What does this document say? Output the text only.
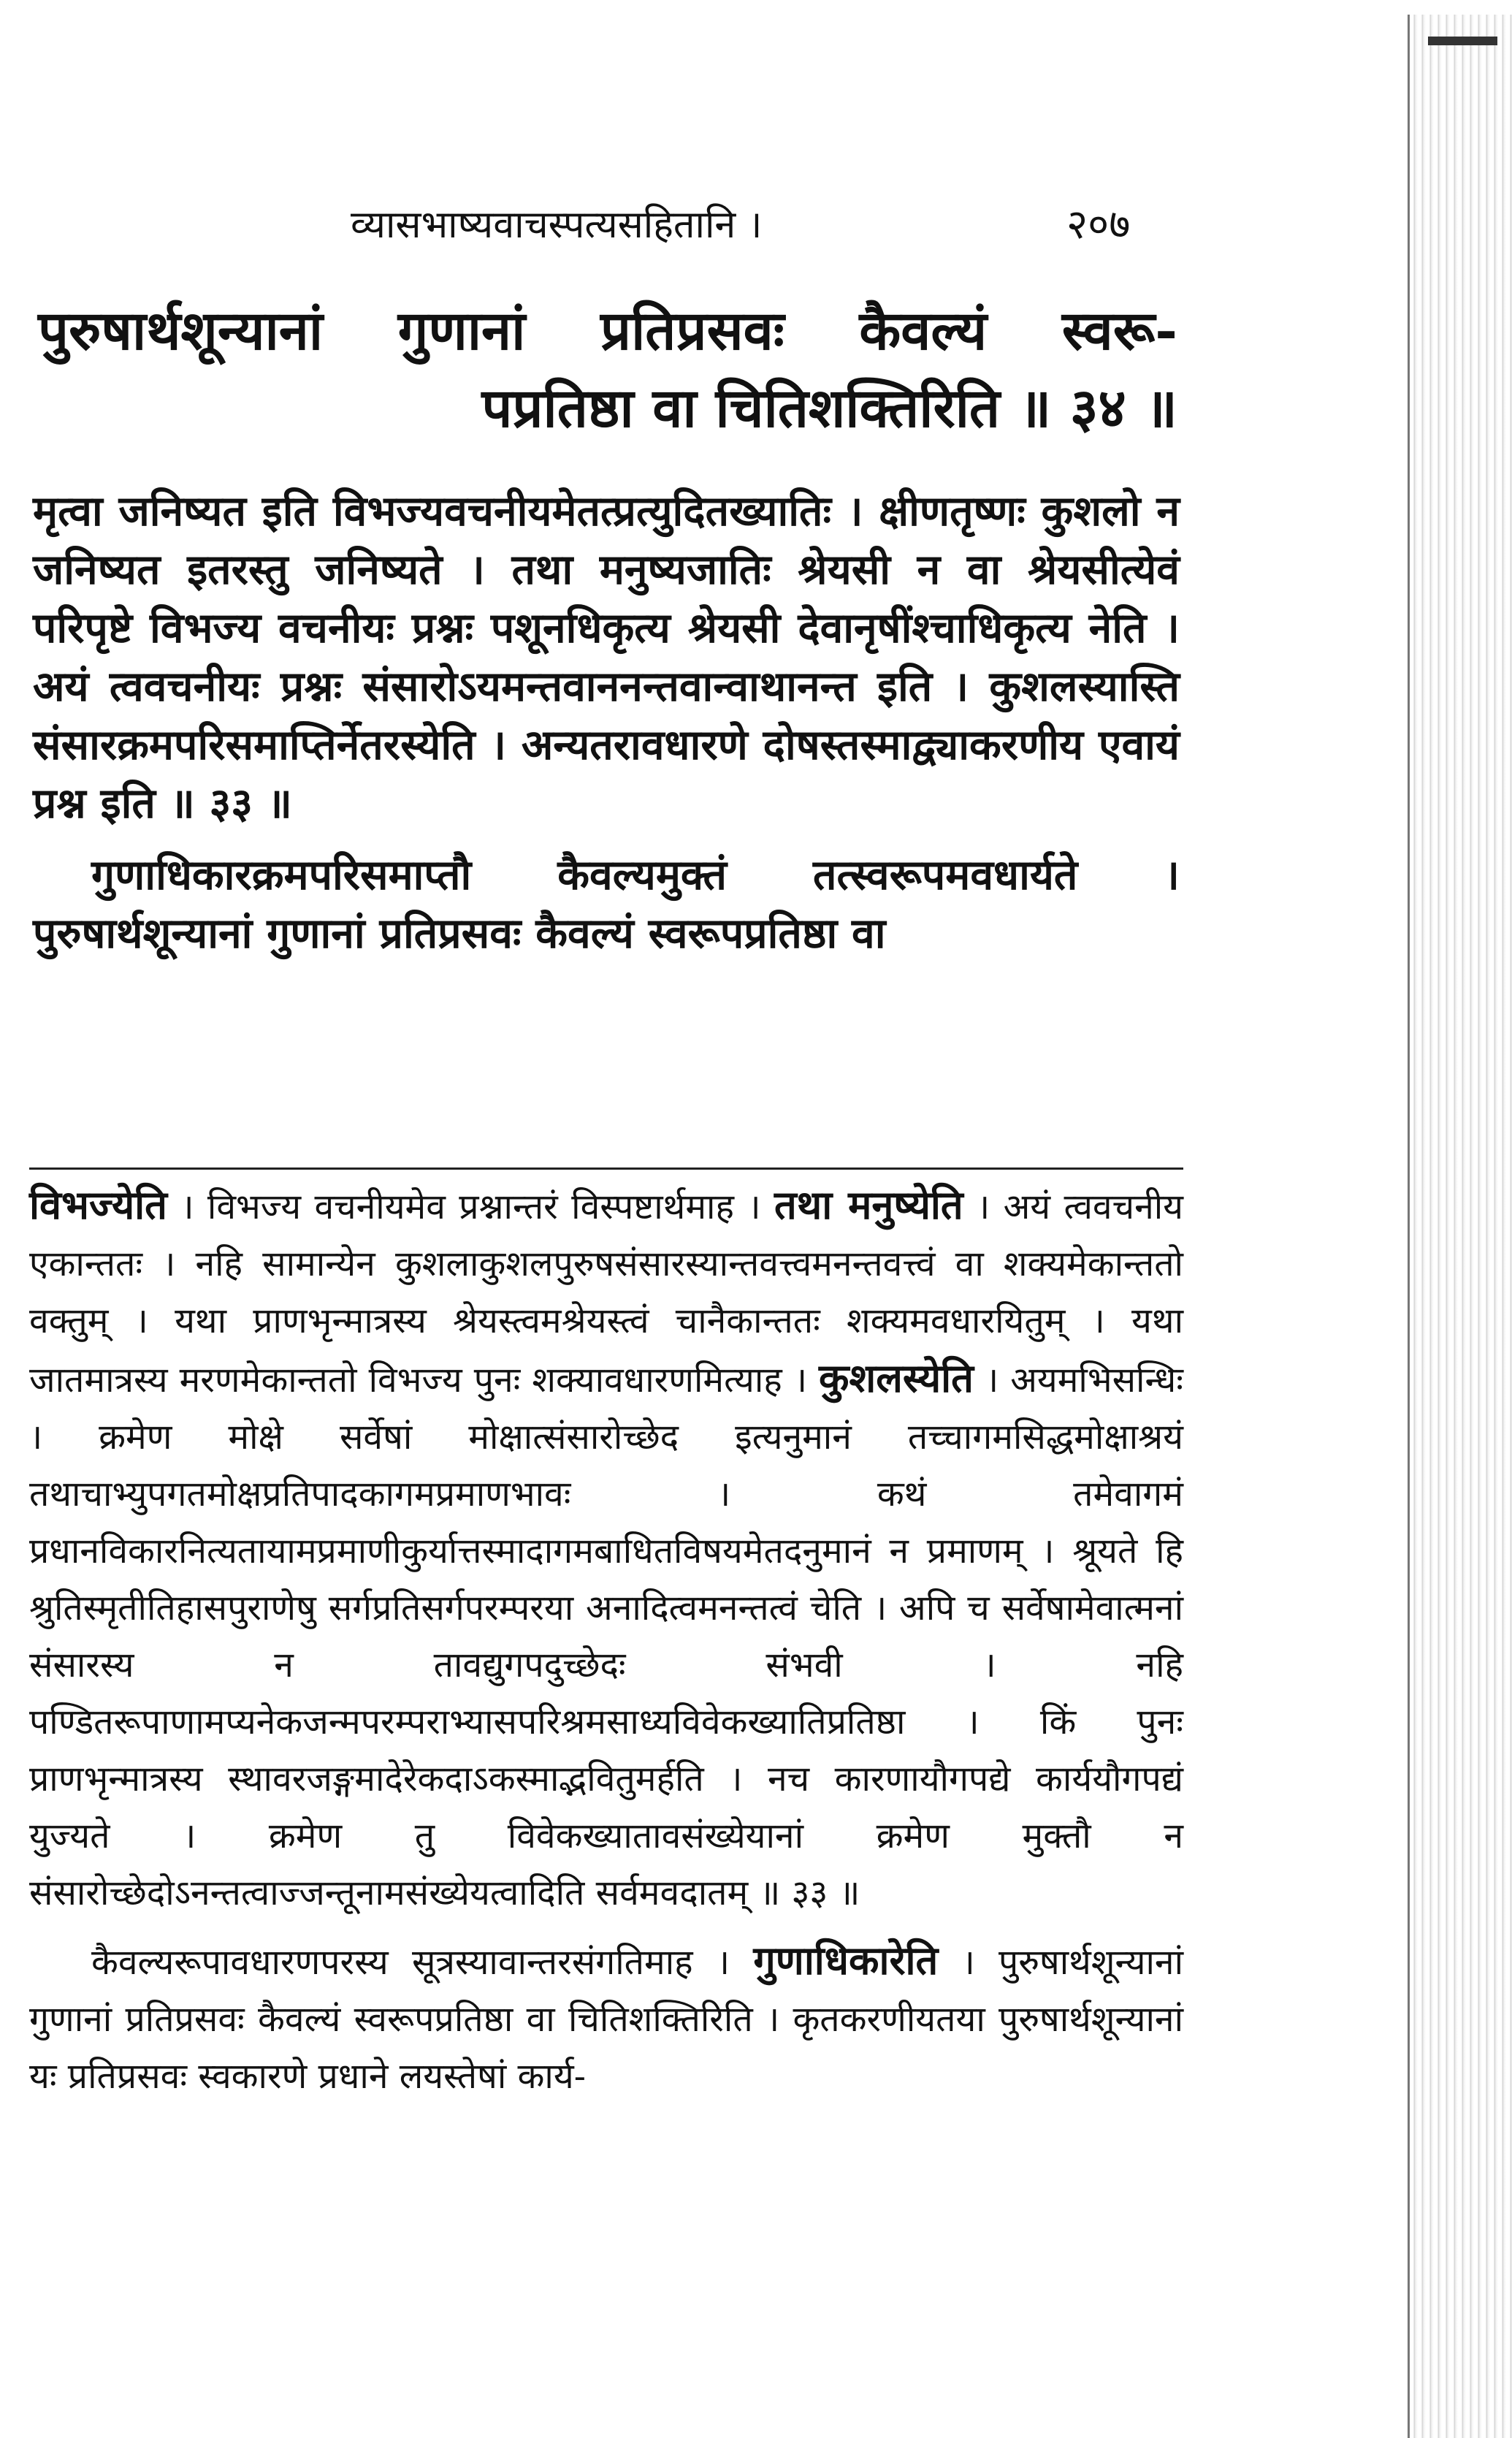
व्यासभाष्यवाचस्पत्यसहितानि ।	२०७
पुरुषार्थशून्यानां गुणानां प्रतिप्रसवः कैवल्यं स्वरू-
पप्रतिष्ठा वा चितिशक्तिरिति ॥ ३४ ॥

मृत्वा जनिष्यत इति विभज्यवचनीयमेतत्प्रत्युदितख्यातिः । क्षीणतृष्णः कुशलो न जनिष्यत इतरस्तु जनिष्यते । तथा मनुष्यजातिः श्रेयसी न वा श्रेयसीत्येवं परिपृष्टे विभज्य वचनीयः प्रश्नः पशूनधिकृत्य श्रेयसी देवानृषींश्चाधिकृत्य नेति । अयं त्ववचनीयः प्रश्नः संसारोऽयमन्तवाननन्तवान्वाथानन्त इति । कुशलस्यास्ति संसारक्रमपरिसमाप्तिर्नेतरस्येति । अन्यतरावधारणे दोषस्तस्माद्व्याकरणीय एवायं प्रश्न इति ॥ ३३ ॥

गुणाधिकारक्रमपरिसमाप्तौ कैवल्यमुक्तं तत्स्वरूपमवधार्यते । पुरुषार्थशून्यानां गुणानां प्रतिप्रसवः कैवल्यं स्वरूपप्रतिष्ठा वा

विभज्येति । विभज्य वचनीयमेव प्रश्नान्तरं विस्पष्टार्थमाह । तथा मनुष्येति । अयं त्ववचनीय एकान्ततः । नहि सामान्येन कुशलाकुशलपुरुषसंसारस्यान्तवत्त्वमनन्तवत्त्वं वा शक्यमेकान्ततो वक्तुम् । यथा प्राणभृन्मात्रस्य श्रेयस्त्वमश्रेयस्त्वं चानैकान्ततः शक्यमवधारयितुम् । यथा जातमात्रस्य मरणमेकान्ततो विभज्य पुनः शक्यावधारणमित्याह । कुशलस्येति । अयमभिसन्धिः । क्रमेण मोक्षे सर्वेषां मोक्षात्संसारोच्छेद इत्यनुमानं तच्चागमसिद्धमोक्षाश्रयं तथाचाभ्युपगतमोक्षप्रतिपादकागमप्रमाणभावः । कथं तमेवागमं प्रधानविकारनित्यतायामप्रमाणीकुर्यात्तस्मादागमबाधितविषयमेतदनुमानं न प्रमाणम् । श्रूयते हि श्रुतिस्मृतीतिहासपुराणेषु सर्गप्रतिसर्गपरम्परया अनादित्वमनन्तत्वं चेति । अपि च सर्वेषामेवात्मनां संसारस्य न तावद्युगपदुच्छेदः संभवी । नहि पण्डितरूपाणामप्यनेकजन्मपरम्पराभ्यासपरिश्रमसाध्यविवेकख्यातिप्रतिष्ठा । किं पुनः प्राणभृन्मात्रस्य स्थावरजङ्गमादेरेकदाऽकस्माद्भवितुमर्हति । नच कारणायौगपद्ये कार्ययौगपद्यं युज्यते । क्रमेण तु विवेकख्यातावसंख्येयानां क्रमेण मुक्तौ न संसारोच्छेदोऽनन्तत्वाज्जन्तूनामसंख्येयत्वादिति सर्वमवदातम् ॥ ३३ ॥

कैवल्यरूपावधारणपरस्य सूत्रस्यावान्तरसंगतिमाह । गुणाधिकारेति । पुरुषार्थशून्यानां गुणानां प्रतिप्रसवः कैवल्यं स्वरूपप्रतिष्ठा वा चितिशक्तिरिति । कृतकरणीयतया पुरुषार्थशून्यानां यः प्रतिप्रसवः स्वकारणे प्रधाने लयस्तेषां कार्य-
